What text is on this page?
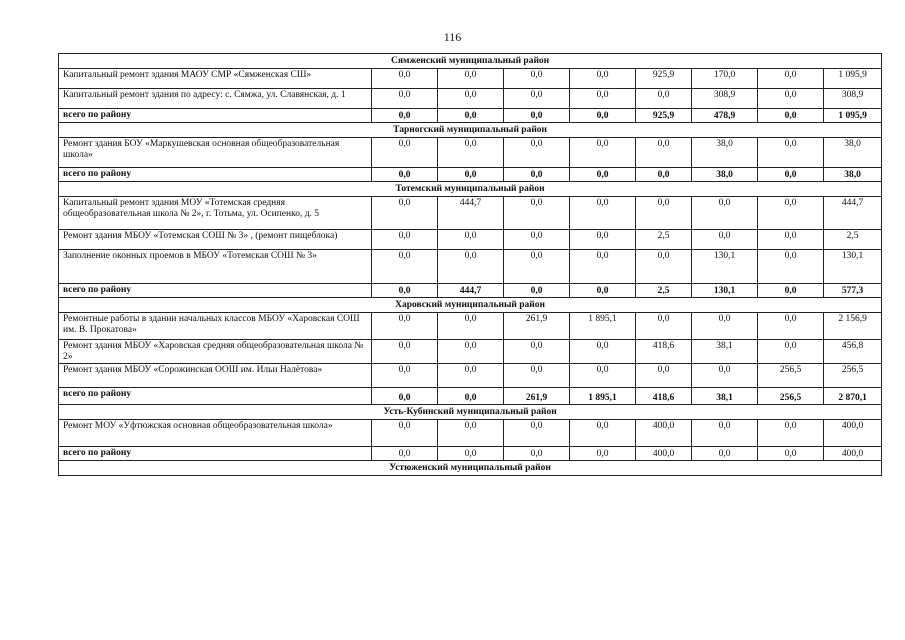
116
Сямженский муниципальный район								
Капитальный ремонт здания МАОУ СМР «Сямженская СШ»	0,0	0,0	0,0	0,0	925,9	170,0	0,0	1 095,9
Капитальный ремонт здания по адресу: с. Сямжа, ул. Славянская, д. 1	0,0	0,0	0,0	0,0	0,0	308,9	0,0	308,9
всего по району	0,0	0,0	0,0	0,0	925,9	478,9	0,0	1 095,9
Тарногский муниципальный район								
Ремонт здания БОУ «Маркушевская основная общеобразовательная школа»	0,0	0,0	0,0	0,0	0,0	38,0	0,0	38,0
всего по району	0,0	0,0	0,0	0,0	0,0	38,0	0,0	38,0
Тотемский муниципальный район								
Капитальный ремонт здания МОУ «Тотемская средняя общеобразовательная школа № 2», г. Тотьма, ул. Осипенко, д. 5	0,0	444,7	0,0	0,0	0,0	0,0	0,0	444,7
Ремонт здания МБОУ «Тотемская СОШ № 3» , (ремонт пищеблока)	0,0	0,0	0,0	0,0	2,5	0,0	0,0	2,5
Заполнение оконных проемов в МБОУ «Тотемская СОШ № 3»	0,0	0,0	0,0	0,0	0,0	130,1	0,0	130,1
всего по району	0,0	444,7	0,0	0,0	2,5	130,1	0,0	577,3
Харовский муниципальный район								
Ремонтные работы в здании начальных классов МБОУ «Харовская СОШ им. В. Прокатова»	0,0	0,0	261,9	1 895,1	0,0	0,0	0,0	2 156,9
Ремонт здания МБОУ «Харовская средняя общеобразовательная школа № 2»	0,0	0,0	0,0	0,0	418,6	38,1	0,0	456,8
Ремонт здания МБОУ «Сорожинская ООШ им. Ильи Налётова»	0,0	0,0	0,0	0,0	0,0	0,0	256,5	256,5
всего по району	0,0	0,0	261,9	1 895,1	418,6	38,1	256,5	2 870,1
Усть-Кубинский муниципальный район								
Ремонт МОУ «Уфтюжская основная общеобразовательная школа»	0,0	0,0	0,0	0,0	400,0	0,0	0,0	400,0
всего по району	0,0	0,0	0,0	0,0	400,0	0,0	0,0	400,0
Устюженский муниципальный район								
